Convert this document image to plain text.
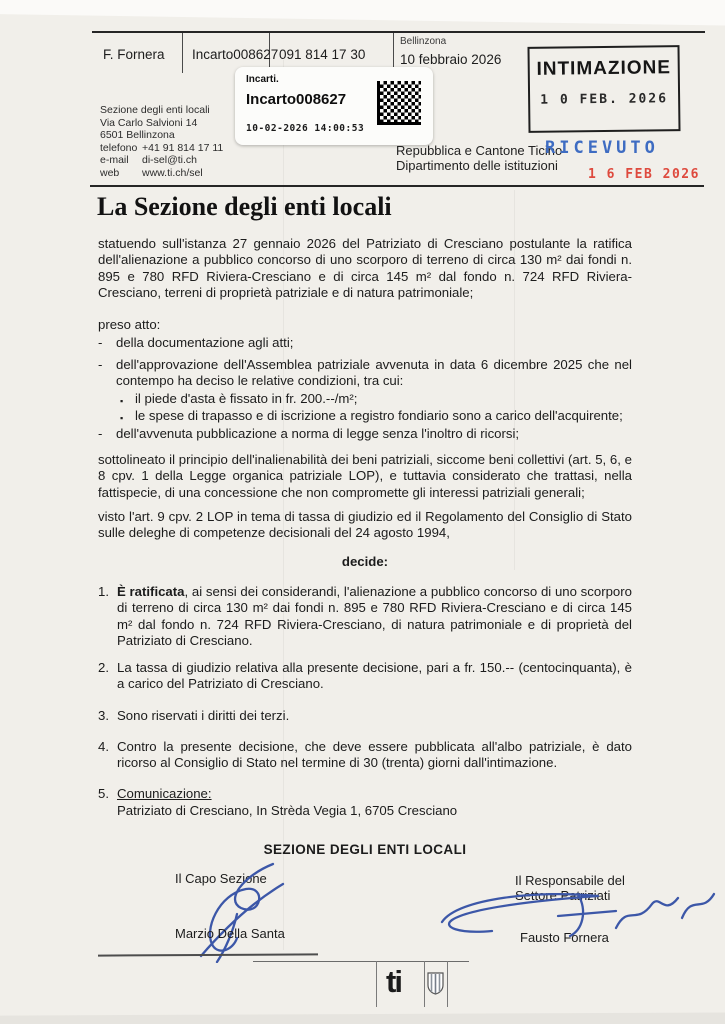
F. Fornera Incarto008627 091 814 17 30
Bellinzona
10 febbraio 2026	INTIMAZIONE
1 0 FEB. 2026
Incarti.
Incarto008627
10-02-2026 14:00:53
Sezione degli enti locali
Via Carlo Salvioni 14
6501 Bellinzona
telefono +41 91 814 17 11
e-mail	di-sel@ti.ch
web	www.ti.ch/sel
Repubblica e Cantone Ticino
Dipartimento delle istituzioni
RICEVUTO
1 6 FEB 2026
La Sezione degli enti locali
statuendo sull'istanza 27 gennaio 2026 del Patriziato di Cresciano postulante la ratifica dell'alienazione a pubblico concorso di uno scorporo di terreno di circa 130 m² dai fondi n. 895 e 780 RFD Riviera-Cresciano e di circa 145 m² dal fondo n. 724 RFD Riviera-Cresciano, terreni di proprietà patriziale e di natura patrimoniale;
preso atto:
-	della documentazione agli atti;
-	dell'approvazione dell'Assemblea patriziale avvenuta in data 6 dicembre 2025 che nel contempo ha deciso le relative condizioni, tra cui:
▪ il piede d'asta è fissato in fr. 200.--/m²;
▪ le spese di trapasso e di iscrizione a registro fondiario sono a carico dell'acquirente;
-	dell'avvenuta pubblicazione a norma di legge senza l'inoltro di ricorsi;
sottolineato il principio dell'inalienabilità dei beni patriziali, siccome beni collettivi (art. 5, 6, e 8 cpv. 1 della Legge organica patriziale LOP), e tuttavia considerato che trattasi, nella fattispecie, di una concessione che non compromette gli interessi patriziali generali;
visto l'art. 9 cpv. 2 LOP in tema di tassa di giudizio ed il Regolamento del Consiglio di Stato sulle deleghe di competenze decisionali del 24 agosto 1994,
decide:
1. È ratificata, ai sensi dei considerandi, l'alienazione a pubblico concorso di uno scorporo di terreno di circa 130 m² dai fondi n. 895 e 780 RFD Riviera-Cresciano e di circa 145 m² dal fondo n. 724 RFD Riviera-Cresciano, di natura patrimoniale e di proprietà del Patriziato di Cresciano.
2. La tassa di giudizio relativa alla presente decisione, pari a fr. 150.-- (centocinquanta), è a carico del Patriziato di Cresciano.
3. Sono riservati i diritti dei terzi.
4. Contro la presente decisione, che deve essere pubblicata all'albo patriziale, è dato ricorso al Consiglio di Stato nel termine di 30 (trenta) giorni dall'intimazione.
5. Comunicazione:
Patriziato di Cresciano, In Strèda Vegia 1, 6705 Cresciano
SEZIONE DEGLI ENTI LOCALI
Il Capo Sezione
Marzio Della Santa
Il Responsabile del
Settore Patriziati
Fausto Fornera
ti
